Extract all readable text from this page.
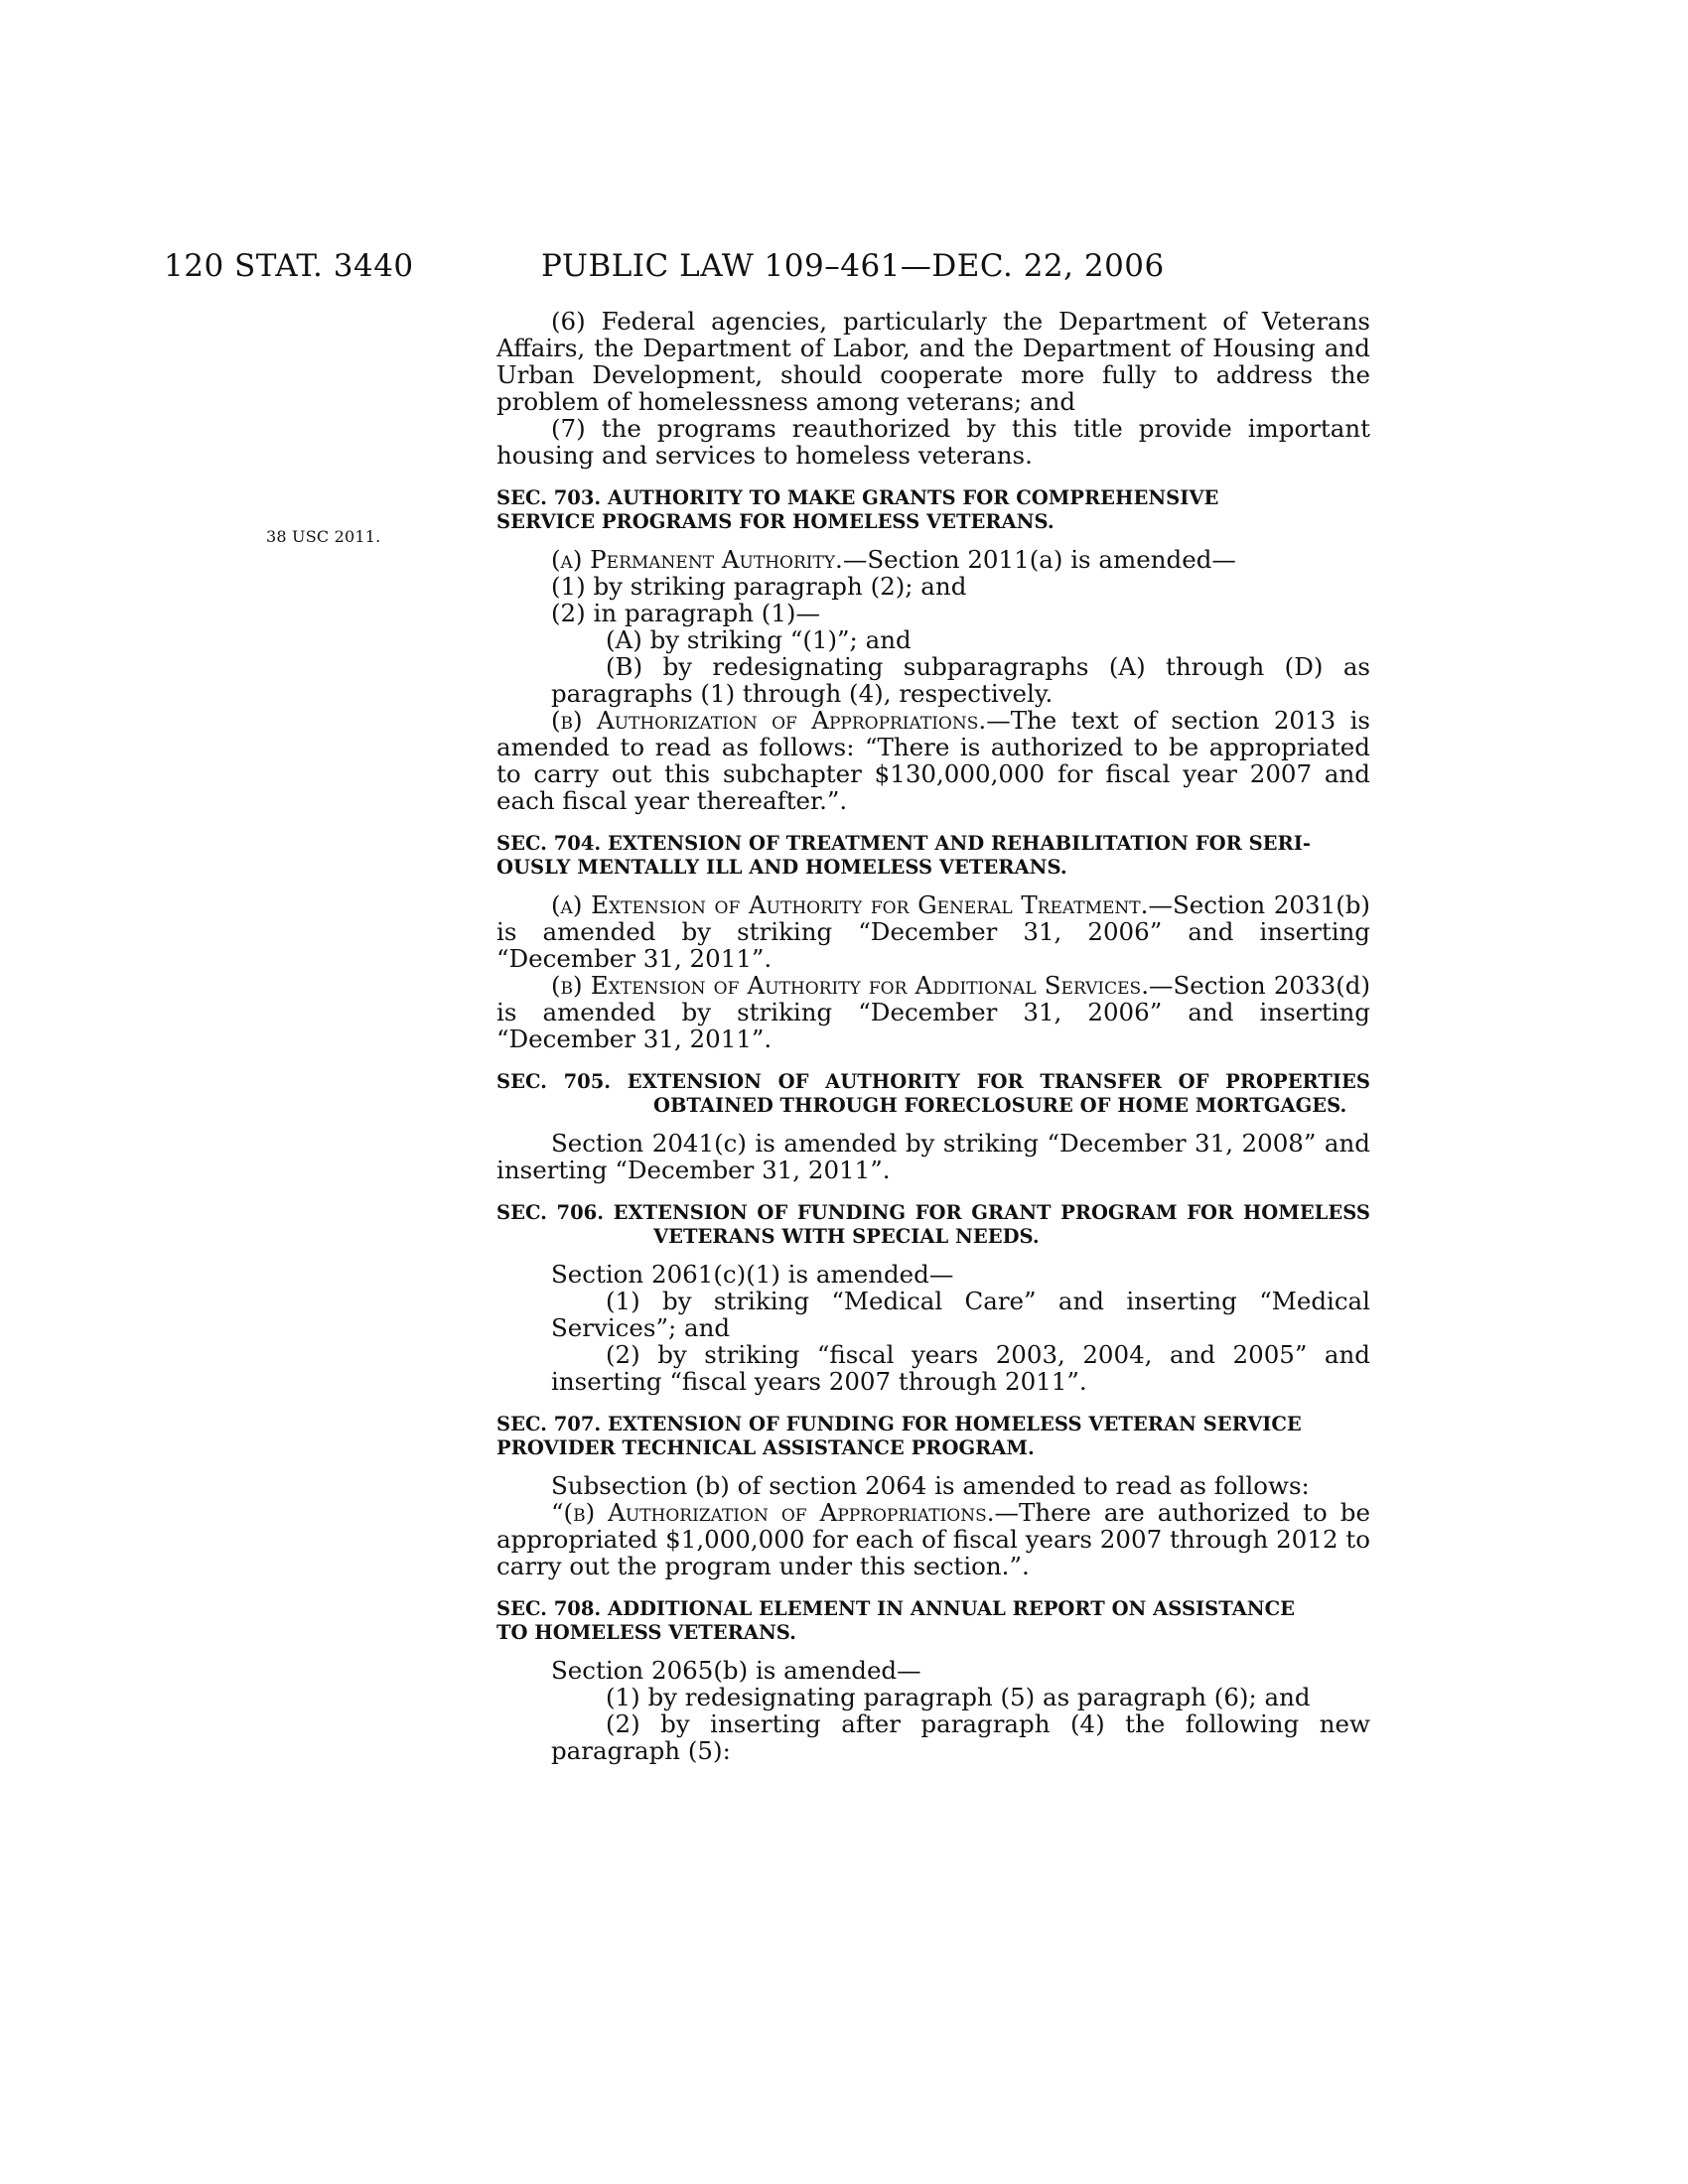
120 STAT. 3440	PUBLIC LAW 109–461—DEC. 22, 2006
38 USC 2011.

(6) Federal agencies, particularly the Department of Veterans Affairs, the Department of Labor, and the Department of Housing and Urban Development, should cooperate more fully to address the problem of homelessness among veterans; and

(7) the programs reauthorized by this title provide important housing and services to homeless veterans.

SEC. 703. AUTHORITY TO MAKE GRANTS FOR COMPREHENSIVE
SERVICE PROGRAMS FOR HOMELESS VETERANS.

(a) Permanent Authority.—Section 2011(a) is amended—

(1) by striking paragraph (2); and

(2) in paragraph (1)—

(A) by striking “(1)”; and

(B) by redesignating subparagraphs (A) through (D) as paragraphs (1) through (4), respectively.

(b) Authorization of Appropriations.—The text of section 2013 is amended to read as follows: “There is authorized to be appropriated to carry out this subchapter $130,000,000 for fiscal year 2007 and each fiscal year thereafter.”.

SEC. 704. EXTENSION OF TREATMENT AND REHABILITATION FOR SERI-
OUSLY MENTALLY ILL AND HOMELESS VETERANS.

(a) Extension of Authority for General Treatment.—Section 2031(b) is amended by striking “December 31, 2006” and inserting “December 31, 2011”.

(b) Extension of Authority for Additional Services.—Section 2033(d) is amended by striking “December 31, 2006” and inserting “December 31, 2011”.

SEC. 705. EXTENSION OF AUTHORITY FOR TRANSFER OF PROPERTIES OBTAINED THROUGH FORECLOSURE OF HOME MORTGAGES.

Section 2041(c) is amended by striking “December 31, 2008” and inserting “December 31, 2011”.

SEC. 706. EXTENSION OF FUNDING FOR GRANT PROGRAM FOR HOMELESS VETERANS WITH SPECIAL NEEDS.

Section 2061(c)(1) is amended—

(1) by striking “Medical Care” and inserting “Medical Services”; and

(2) by striking “fiscal years 2003, 2004, and 2005” and inserting “fiscal years 2007 through 2011”.

SEC. 707. EXTENSION OF FUNDING FOR HOMELESS VETERAN SERVICE
PROVIDER TECHNICAL ASSISTANCE PROGRAM.

Subsection (b) of section 2064 is amended to read as follows:

“(b) Authorization of Appropriations.—There are authorized to be appropriated $1,000,000 for each of fiscal years 2007 through 2012 to carry out the program under this section.”.

SEC. 708. ADDITIONAL ELEMENT IN ANNUAL REPORT ON ASSISTANCE
TO HOMELESS VETERANS.

Section 2065(b) is amended—

(1) by redesignating paragraph (5) as paragraph (6); and

(2) by inserting after paragraph (4) the following new paragraph (5):
